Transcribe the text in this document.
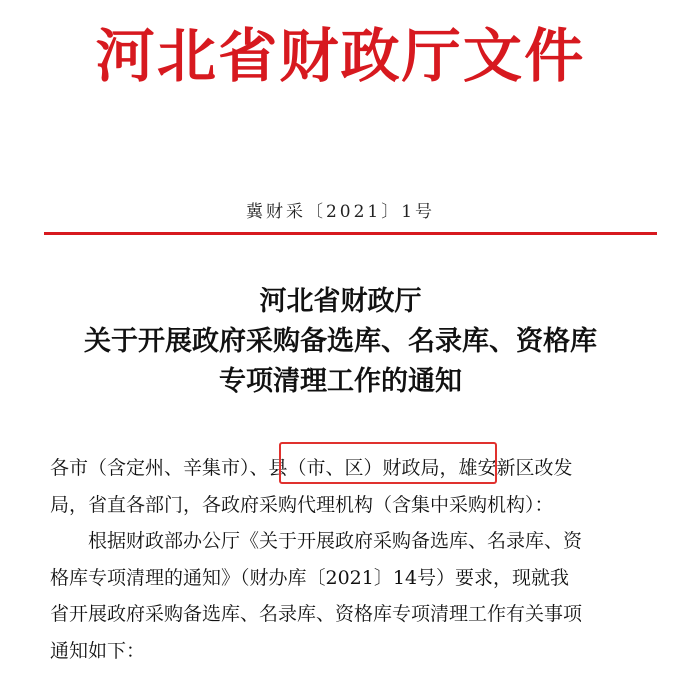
河北省财政厅文件
冀财采〔2021〕1号
河北省财政厅
关于开展政府采购备选库、名录库、资格库
专项清理工作的通知
各市（含定州、辛集市）、县（市、区）财政局，雄安新区改发
局，省直各部门，各政府采购代理机构（含集中采购机构）：
根据财政部办公厅《关于开展政府采购备选库、名录库、资
格库专项清理的通知》（财办库〔2021〕14号）要求，现就我
省开展政府采购备选库、名录库、资格库专项清理工作有关事项
通知如下：
